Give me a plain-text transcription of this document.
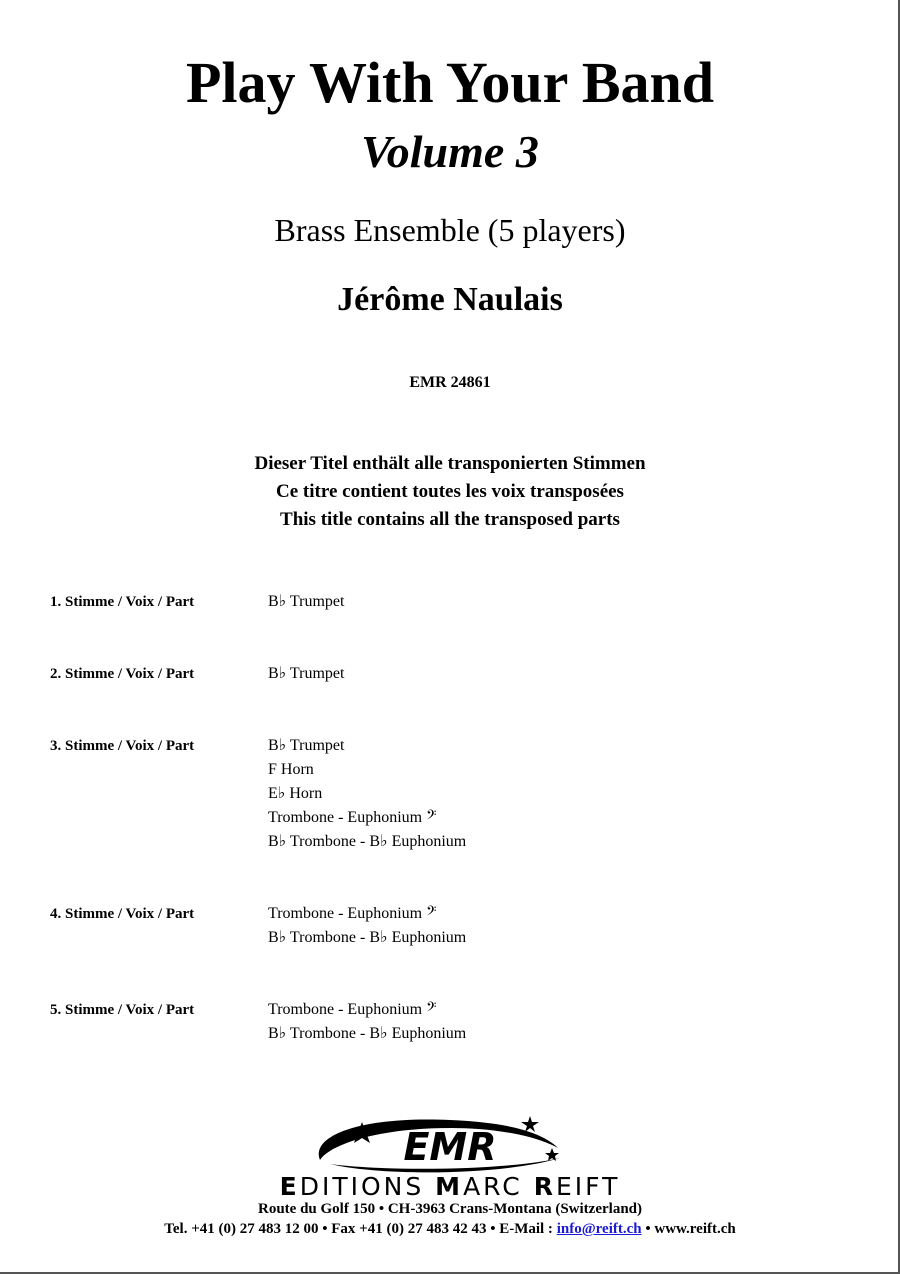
Play With Your Band
Volume 3
Brass Ensemble (5 players)
Jérôme Naulais
EMR 24861
Dieser Titel enthält alle transponierten Stimmen
Ce titre contient toutes les voix transposées
This title contains all the transposed parts
1. Stimme / Voix / Part	B♭ Trumpet
2. Stimme / Voix / Part	B♭ Trumpet
3. Stimme / Voix / Part	B♭ Trumpet
F Horn
E♭ Horn
Trombone - Euphonium 𝄢
B♭ Trombone - B♭ Euphonium
4. Stimme / Voix / Part	Trombone - Euphonium 𝄢
B♭ Trombone - B♭ Euphonium
5. Stimme / Voix / Part	Trombone - Euphonium 𝄢
B♭ Trombone - B♭ Euphonium
EMR
EDITIONS MARC REIFT
Route du Golf 150 • CH-3963 Crans-Montana (Switzerland)
Tel. +41 (0) 27 483 12 00 • Fax +41 (0) 27 483 42 43 • E-Mail : info@reift.ch • www.reift.ch
